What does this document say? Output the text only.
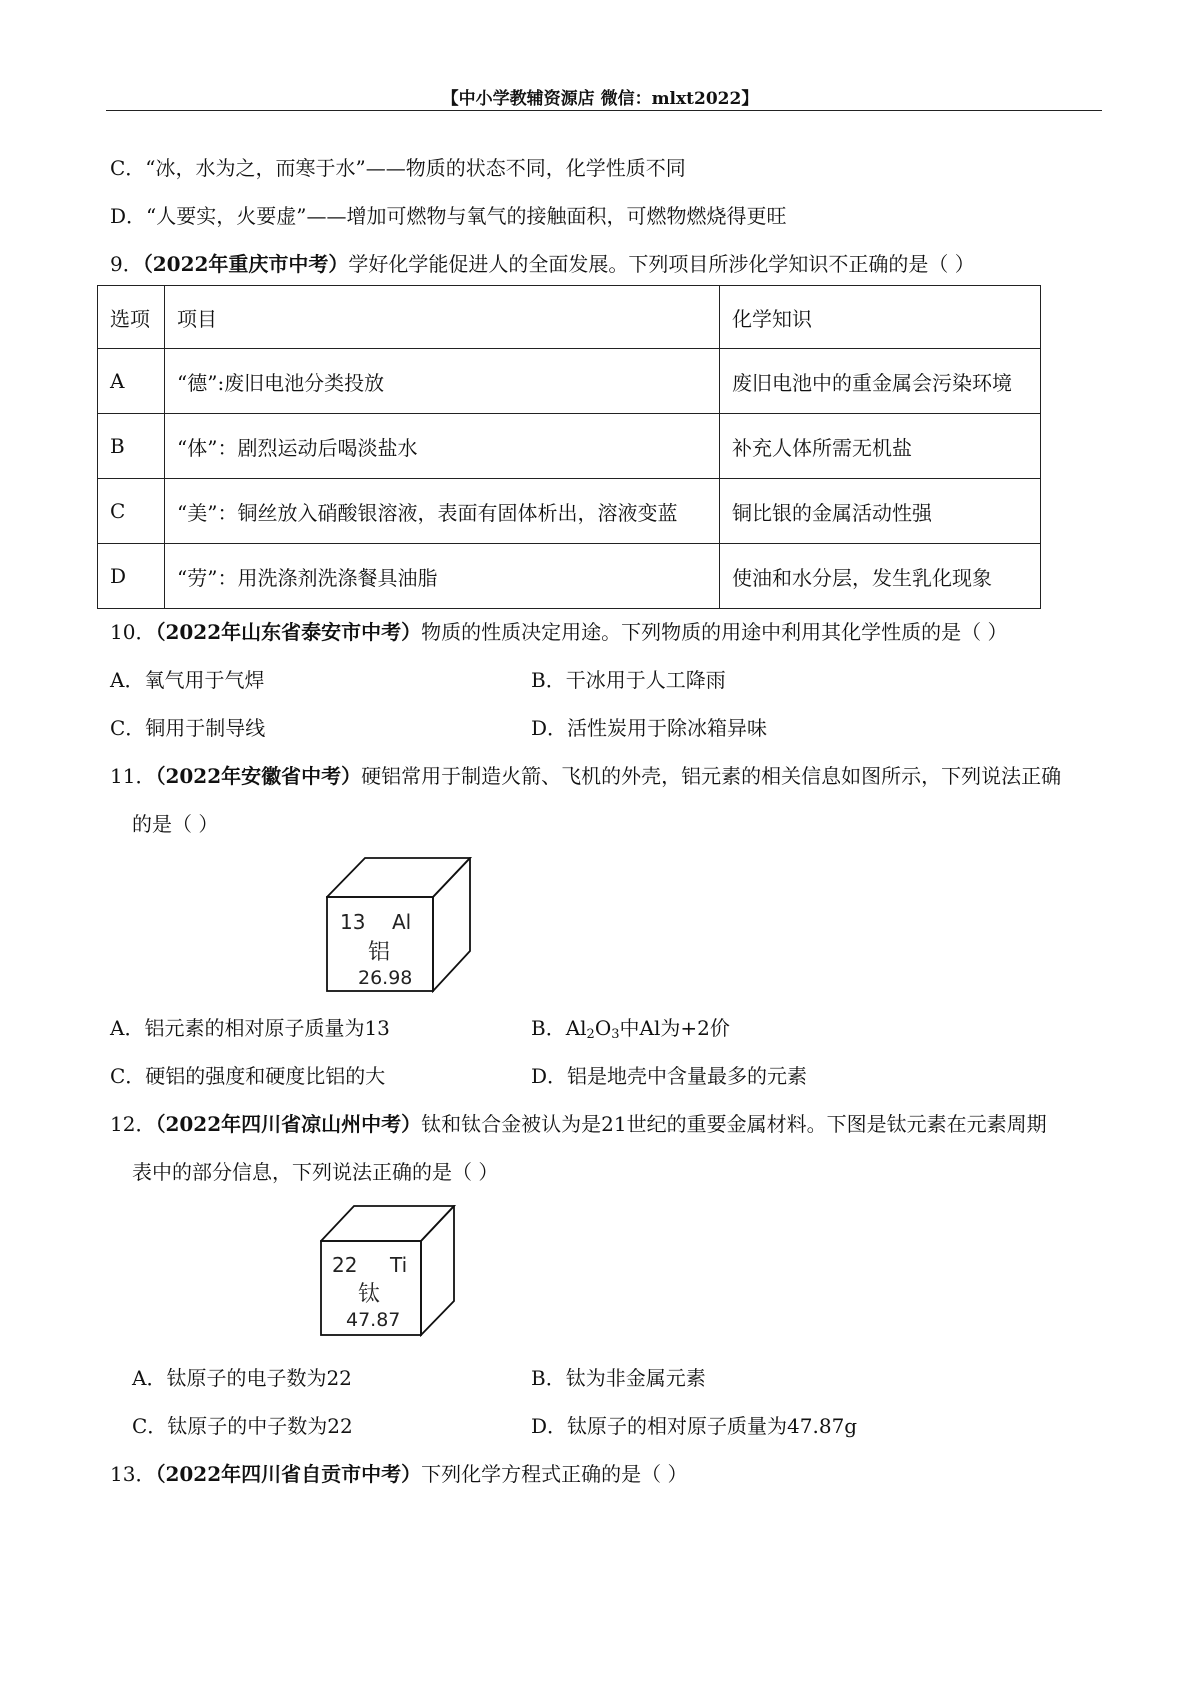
【中小学教辅资源店 微信：mlxt2022】
C．“冰，水为之，而寒于水”——物质的状态不同，化学性质不同
D．“人要实，火要虚”——增加可燃物与氧气的接触面积，可燃物燃烧得更旺
9．（2022年重庆市中考）学好化学能促进人的全面发展。下列项目所涉化学知识不正确的是（ ）
选项	项目	化学知识
A	“德”:废旧电池分类投放	废旧电池中的重金属会污染环境
B	“体”：剧烈运动后喝淡盐水	补充人体所需无机盐
C	“美”：铜丝放入硝酸银溶液，表面有固体析出，溶液变蓝	铜比银的金属活动性强
D	“劳”：用洗涤剂洗涤餐具油脂	使油和水分层，发生乳化现象
10．（2022年山东省泰安市中考）物质的性质决定用途。下列物质的用途中利用其化学性质的是（ ）
A．氧气用于气焊	B．干冰用于人工降雨
C．铜用于制导线	D．活性炭用于除冰箱异味
11．（2022年安徽省中考）硬铝常用于制造火箭、飞机的外壳，铝元素的相关信息如图所示，下列说法正确
的是（ ）
13 Al
铝
26.98
A．铝元素的相对原子质量为13	B．$Al_2O_3$中Al为+2价
C．硬铝的强度和硬度比铝的大	D．铝是地壳中含量最多的元素
12．（2022年四川省凉山州中考）钛和钛合金被认为是21世纪的重要金属材料。下图是钛元素在元素周期
表中的部分信息，下列说法正确的是（ ）
22 Ti
钛
47.87
A．钛原子的电子数为22	B．钛为非金属元素
C．钛原子的中子数为22	D．钛原子的相对原子质量为47.87g
13．（2022年四川省自贡市中考）下列化学方程式正确的是（ ）
